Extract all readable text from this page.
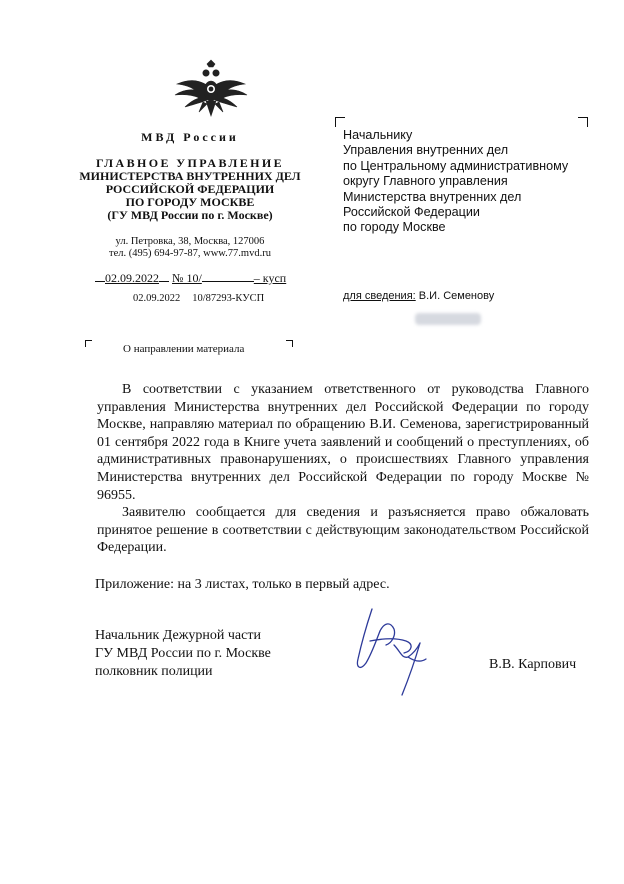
МВД России
ГЛАВНОЕ УПРАВЛЕНИЕ
МИНИСТЕРСТВА ВНУТРЕННИХ ДЕЛ
РОССИЙСКОЙ ФЕДЕРАЦИИ
ПО ГОРОДУ МОСКВЕ
(ГУ МВД России по г. Москве)
ул. Петровка, 38, Москва, 127006
тел. (495) 694-97-87, www.77.mvd.ru
02.09.2022 № 10/	– кусп
02.09.2022 10/87293-КУСП
О направлении материала
Начальнику
Управления внутренних дел
по Центральному административному
округу Главного управления
Министерства внутренних дел
Российской Федерации
по городу Москве
для сведения: В.И. Семенову

В соответствии с указанием ответственного от руководства Главного управления Министерства внутренних дел Российской Федерации по городу Москве, направляю материал по обращению В.И. Семенова, зарегистрированный 01 сентября 2022 года в Книге учета заявлений и сообщений о преступлениях, об административных правонарушениях, о происшествиях Главного управления Министерства внутренних дел Российской Федерации по городу Москве № 96955.

Заявителю сообщается для сведения и разъясняется право обжаловать принятое решение в соответствии с действующим законодательством Российской Федерации.

Приложение: на 3 листах, только в первый адрес.
Начальник Дежурной части
ГУ МВД России по г. Москве
полковник полиции	В.В. Карпович
